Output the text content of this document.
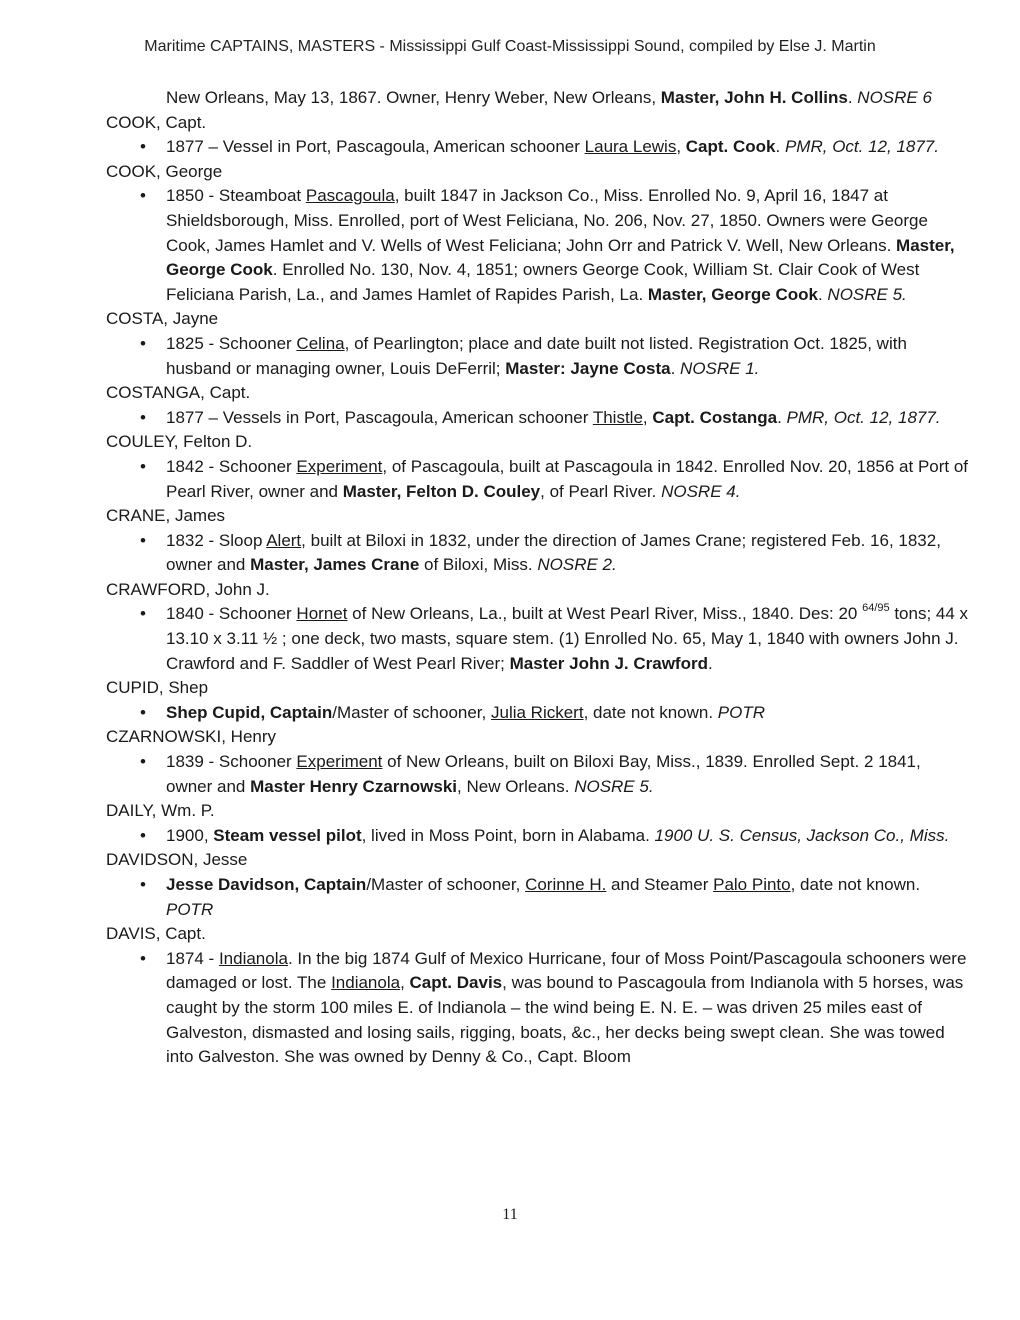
Maritime CAPTAINS, MASTERS - Mississippi Gulf Coast-Mississippi Sound, compiled by Else J. Martin

New Orleans, May 13, 1867. Owner, Henry Weber, New Orleans, Master, John H. Collins. NOSRE 6

COOK, Capt.

• 1877 – Vessel in Port, Pascagoula, American schooner Laura Lewis, Capt. Cook. PMR, Oct. 12, 1877.

COOK, George

• 1850 - Steamboat Pascagoula, built 1847 in Jackson Co., Miss. Enrolled No. 9, April 16, 1847 at Shieldsborough, Miss. Enrolled, port of West Feliciana, No. 206, Nov. 27, 1850. Owners were George Cook, James Hamlet and V. Wells of West Feliciana; John Orr and Patrick V. Well, New Orleans. Master, George Cook. Enrolled No. 130, Nov. 4, 1851; owners George Cook, William St. Clair Cook of West Feliciana Parish, La., and James Hamlet of Rapides Parish, La. Master, George Cook. NOSRE 5.

COSTA, Jayne

• 1825 - Schooner Celina, of Pearlington; place and date built not listed. Registration Oct. 1825, with husband or managing owner, Louis DeFerril; Master: Jayne Costa. NOSRE 1.

COSTANGA, Capt.

• 1877 – Vessels in Port, Pascagoula, American schooner Thistle, Capt. Costanga. PMR, Oct. 12, 1877.

COULEY, Felton D.

• 1842 - Schooner Experiment, of Pascagoula, built at Pascagoula in 1842. Enrolled Nov. 20, 1856 at Port of Pearl River, owner and Master, Felton D. Couley, of Pearl River. NOSRE 4.

CRANE, James

• 1832 - Sloop Alert, built at Biloxi in 1832, under the direction of James Crane; registered Feb. 16, 1832, owner and Master, James Crane of Biloxi, Miss. NOSRE 2.

CRAWFORD, John J.

• 1840 - Schooner Hornet of New Orleans, La., built at West Pearl River, Miss., 1840. Des: 20 $^{64/95}$ tons; 44 x 13.10 x 3.11 ½ ; one deck, two masts, square stem. (1) Enrolled No. 65, May 1, 1840 with owners John J. Crawford and F. Saddler of West Pearl River; Master John J. Crawford.

CUPID, Shep

• Shep Cupid, Captain/Master of schooner, Julia Rickert, date not known. POTR

CZARNOWSKI, Henry

• 1839 - Schooner Experiment of New Orleans, built on Biloxi Bay, Miss., 1839. Enrolled Sept. 2 1841, owner and Master Henry Czarnowski, New Orleans. NOSRE 5.

DAILY, Wm. P.

• 1900, Steam vessel pilot, lived in Moss Point, born in Alabama. 1900 U. S. Census, Jackson Co., Miss.

DAVIDSON, Jesse

• Jesse Davidson, Captain/Master of schooner, Corinne H. and Steamer Palo Pinto, date not known. POTR

DAVIS, Capt.

• 1874 - Indianola. In the big 1874 Gulf of Mexico Hurricane, four of Moss Point/Pascagoula schooners were damaged or lost. The Indianola, Capt. Davis, was bound to Pascagoula from Indianola with 5 horses, was caught by the storm 100 miles E. of Indianola – the wind being E. N. E. – was driven 25 miles east of Galveston, dismasted and losing sails, rigging, boats, &c., her decks being swept clean. She was towed into Galveston. She was owned by Denny & Co., Capt. Bloom
11
